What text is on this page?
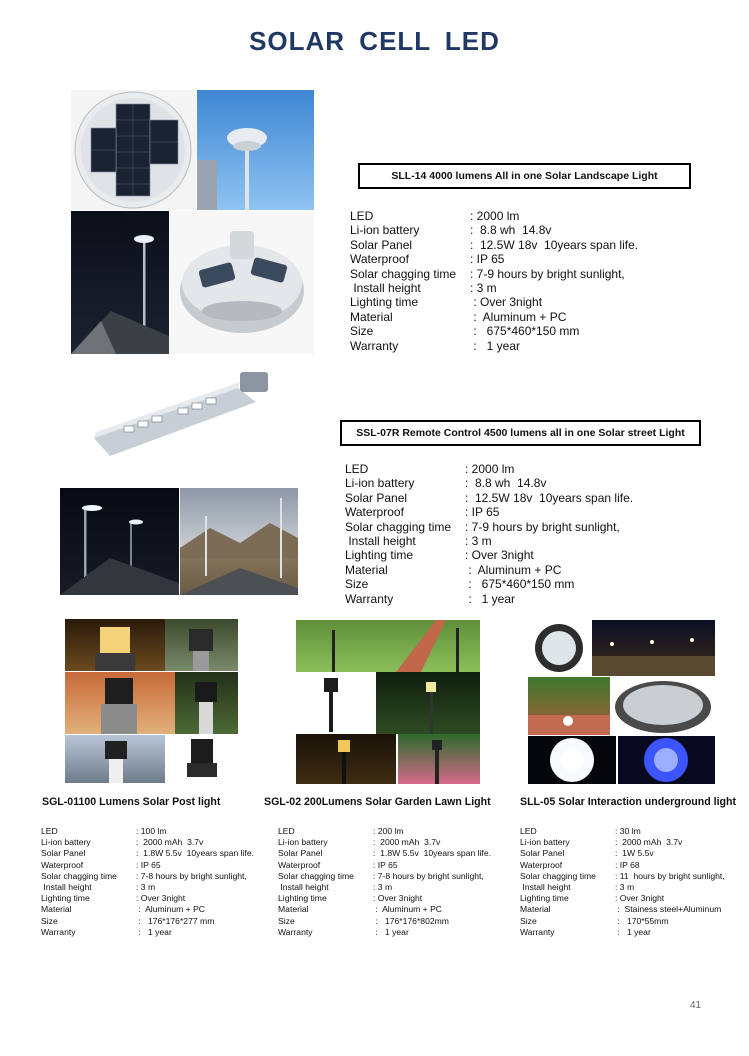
SOLAR CELL LED
SLL-14 4000 lumens All in one Solar Landscape Light
LED	: 2000 lm
Li-ion battery	:  8.8 wh  14.8v
Solar Panel	:  12.5W 18v  10years span life.
Waterproof	: IP 65
Solar chagging time	: 7-9 hours by bright sunlight,
Install height	: 3 m
Lighting time	: Over 3night
Material	:  Aluminum + PC
Size	:   675*460*150 mm
Warranty	:   1 year
SSL-07R Remote Control 4500 lumens all in one Solar street Light
LED	: 2000 lm
Li-ion battery	:  8.8 wh  14.8v
Solar Panel	:  12.5W 18v  10years span life.
Waterproof	: IP 65
Solar chagging time	: 7-9 hours by bright sunlight,
Install height	: 3 m
Lighting time	: Over 3night
Material	:  Aluminum + PC
Size	:   675*460*150 mm
Warranty	:   1 year
SGL-01100 Lumens Solar Post light	SGL-02 200Lumens Solar Garden Lawn Light	SLL-05 Solar Interaction underground light
LED	: 100 lm
Li-ion battery	:  2000 mAh  3.7v
Solar Panel	:  1.8W 5.5v  10years span life.
Waterproof	: IP 65
Solar chagging time	: 7-8 hours by bright sunlight,
Install height	: 3 m
Lighting time	: Over 3night
Material	:  Aluminum + PC
Size	:   176*176*277 mm
Warranty	:   1 year
LED	: 200 lm
Li-ion battery	:  2000 mAh  3.7v
Solar Panel	:  1.8W 5.5v  10years span life.
Waterproof	: IP 65
Solar chagging time	: 7-8 hours by bright sunlight,
Install height	: 3 m
Lighting time	: Over 3night
Material	:  Aluminum + PC
Size	:   176*176*802mm
Warranty	:   1 year
LED	: 30 lm
Li-ion battery	:  2000 mAh  3.7v
Solar Panel	:  1W 5.5v
Waterproof	: IP 68
Solar chagging time	: 11  hours by bright sunlight,
Install height	: 3 m
Lighting time	: Over 3night
Material	:  Stainess steel+Aluminum
Size	:   170*55mm
Warranty	:   1 year
41
